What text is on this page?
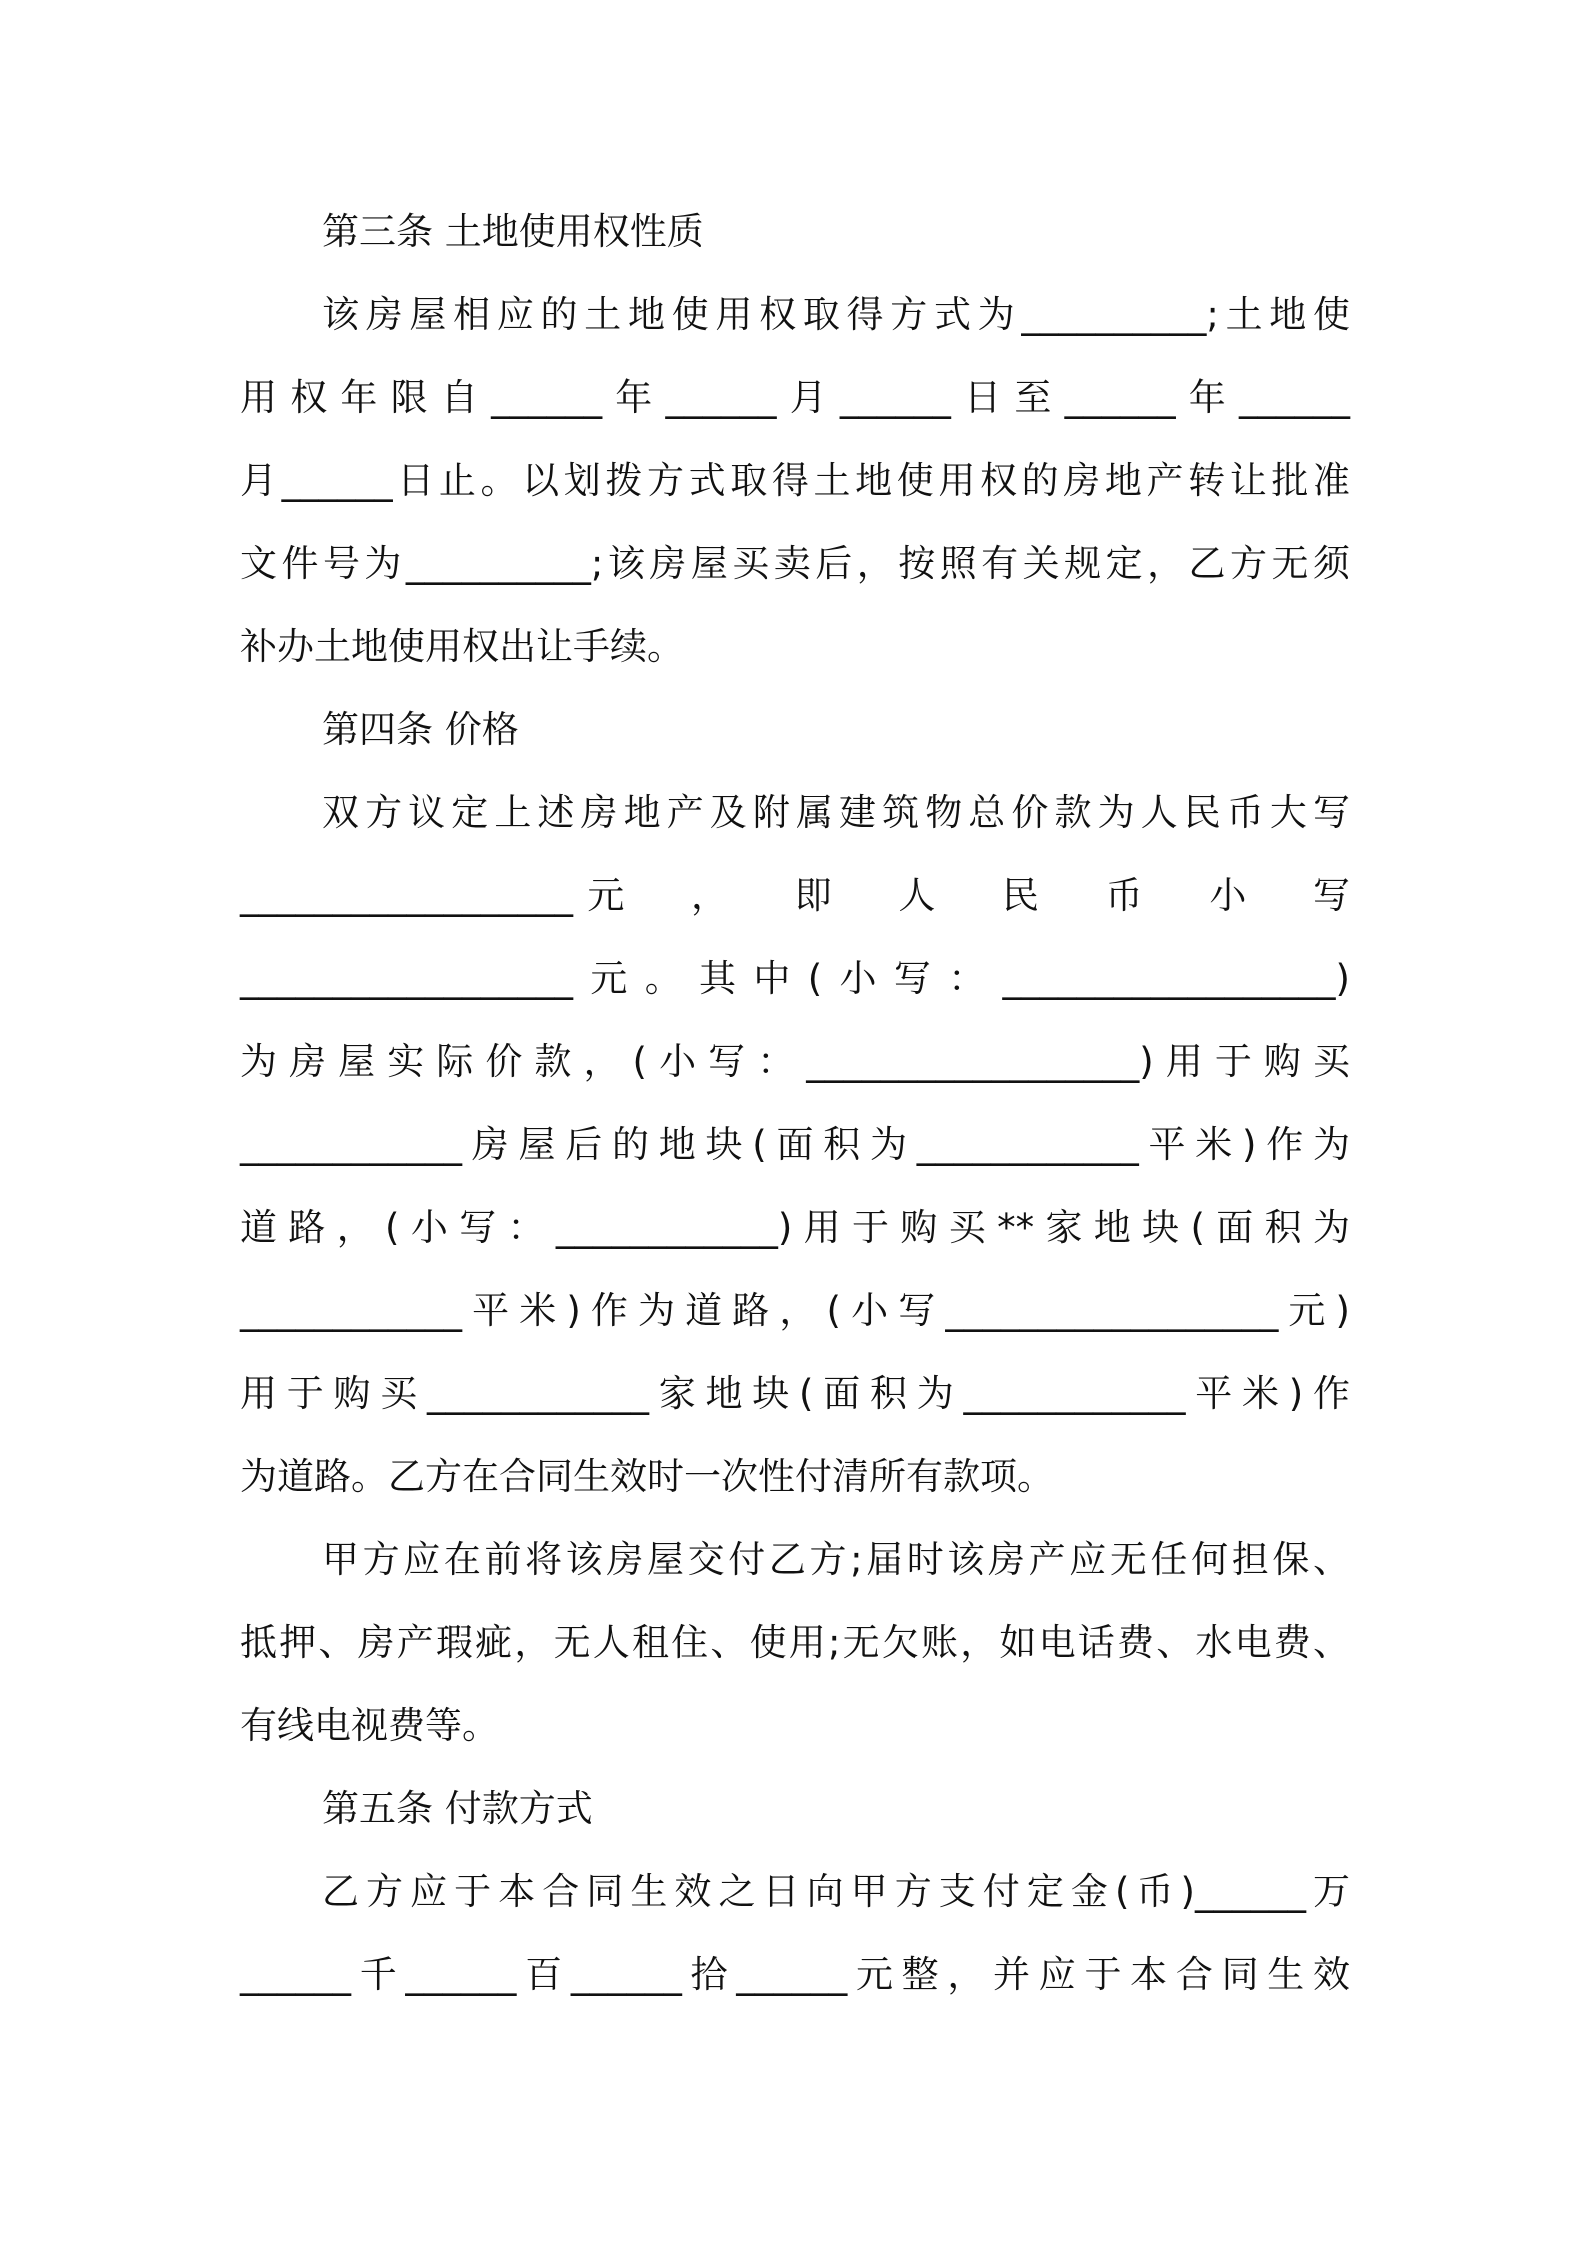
第三条 土地使用权性质
该房屋相应的土地使用权取得方式为__________;土地使
用权年限自______年______月______日至______年______
月______日止。以划拨方式取得土地使用权的房地产转让批准
文件号为__________;该房屋买卖后，按照有关规定，乙方无须
补办土地使用权出让手续。
第四条 价格
双方议定上述房地产及附属建筑物总价款为人民币大写
__________________元  ，  即  人  民  币  小  写
__________________元。其中(小写：__________________)
为房屋实际价款，(小写：__________________)用于购买
____________房屋后的地块(面积为____________平米)作为
道路，(小写：____________)用于购买**家地块(面积为
____________平米)作为道路，(小写__________________元)
用于购买____________家地块(面积为____________平米)作
为道路。乙方在合同生效时一次性付清所有款项。
甲方应在前将该房屋交付乙方;届时该房产应无任何担保、
抵押、房产瑕疵，无人租住、使用;无欠账，如电话费、水电费、
有线电视费等。
第五条 付款方式
乙方应于本合同生效之日向甲方支付定金(币)______万
______千______百______拾______元整，并应于本合同生效
